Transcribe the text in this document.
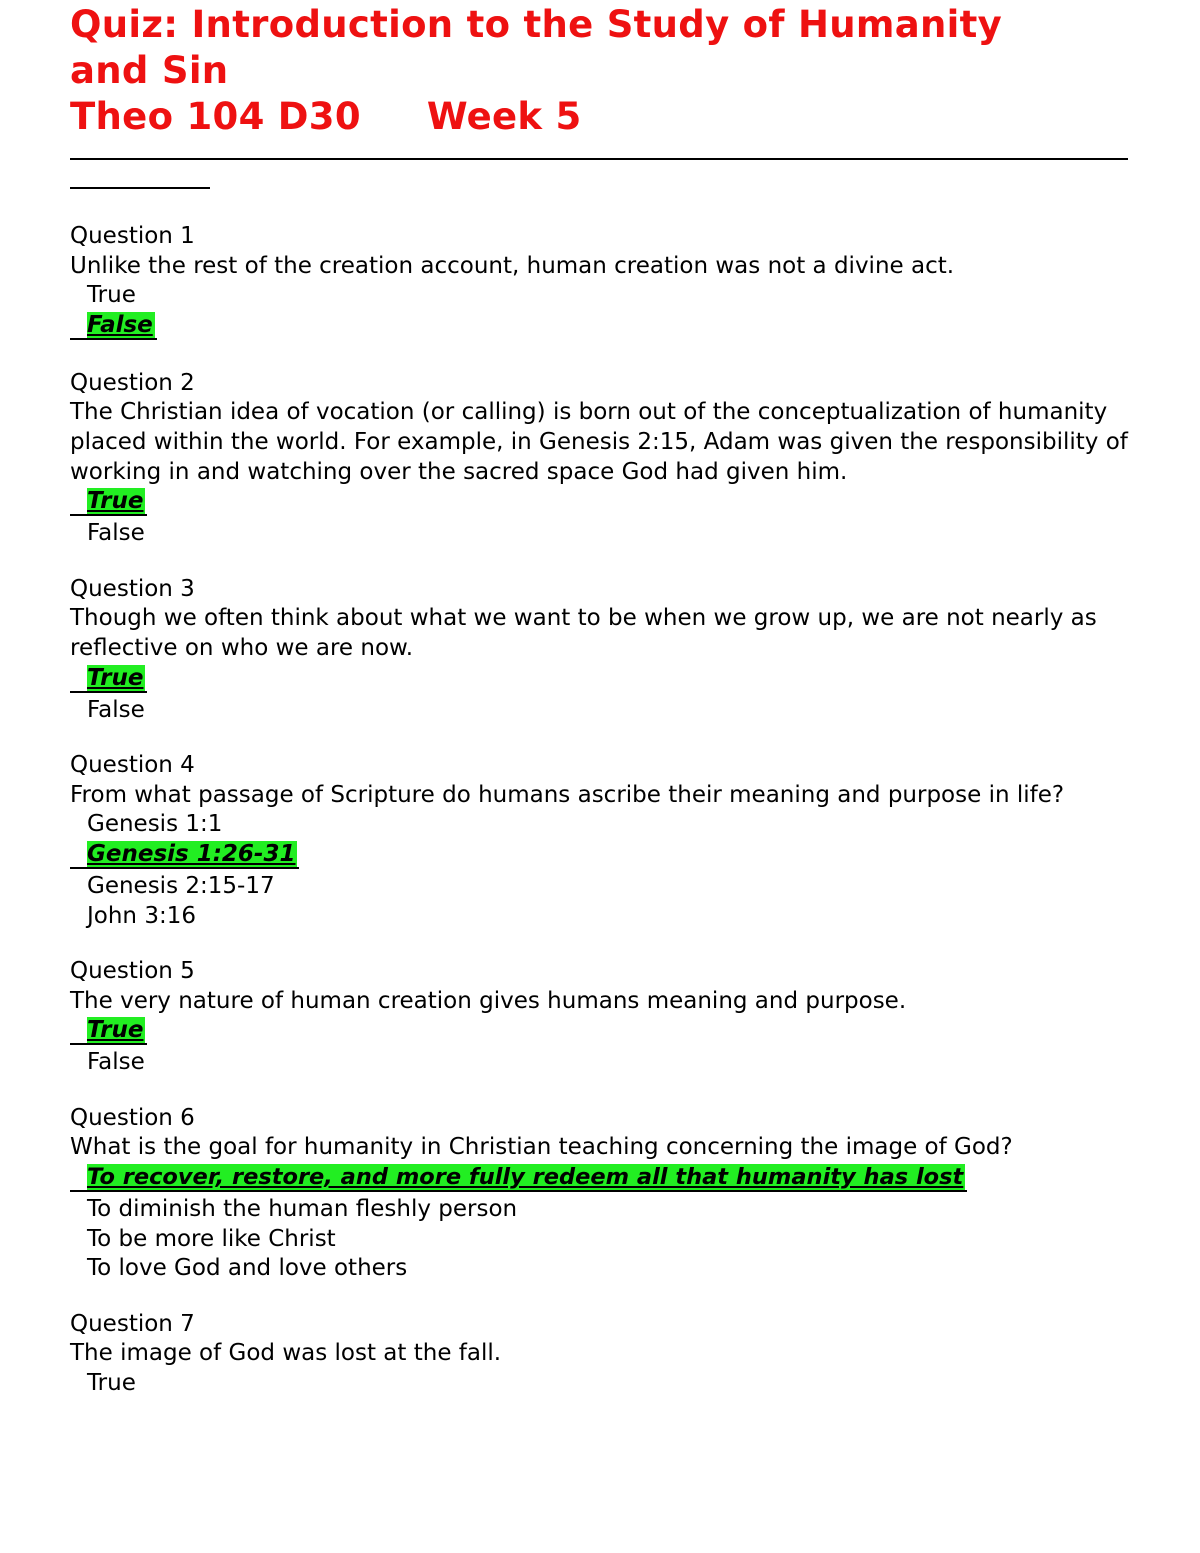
Quiz: Introduction to the Study of Humanity
and Sin
Theo 104 D30 Week 5
Question 1
Unlike the rest of the creation account, human creation was not a divine act.
True
False
Question 2
The Christian idea of vocation (or calling) is born out of the conceptualization of humanity placed within the world. For example, in Genesis 2:15, Adam was given the responsibility of working in and watching over the sacred space God had given him.
True
False
Question 3
Though we often think about what we want to be when we grow up, we are not nearly as reflective on who we are now.
True
False
Question 4
From what passage of Scripture do humans ascribe their meaning and purpose in life?
Genesis 1:1
Genesis 1:26-31
Genesis 2:15-17
John 3:16
Question 5
The very nature of human creation gives humans meaning and purpose.
True
False
Question 6
What is the goal for humanity in Christian teaching concerning the image of God?
To recover, restore, and more fully redeem all that humanity has lost
To diminish the human fleshly person
To be more like Christ
To love God and love others
Question 7
The image of God was lost at the fall.
True
